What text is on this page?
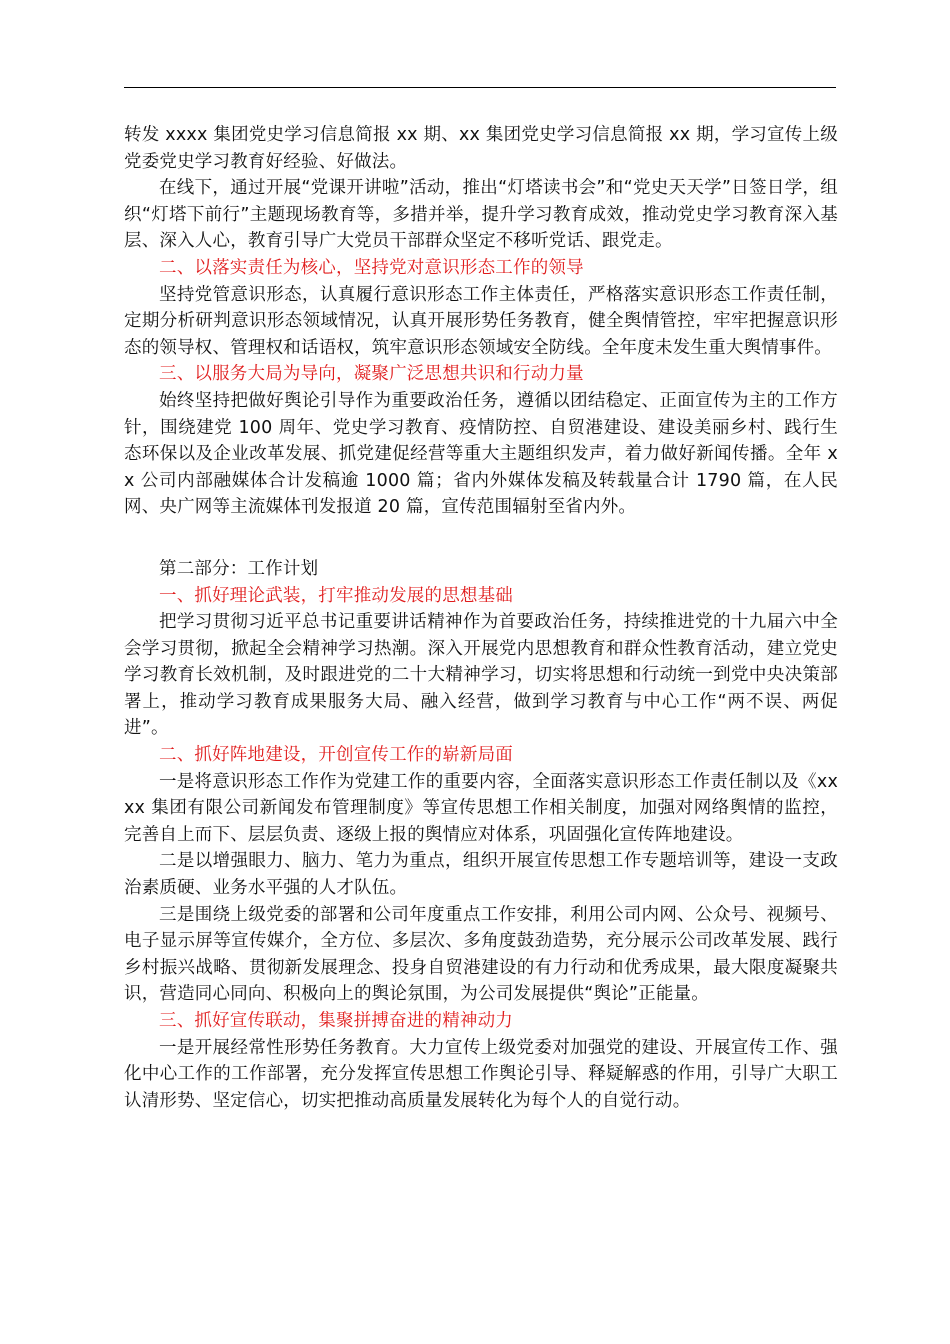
转发 xxxx 集团党史学习信息简报 xx 期、xx 集团党史学习信息简报 xx 期，学习宣传上级党委党史学习教育好经验、好做法。

在线下，通过开展“党课开讲啦”活动，推出“灯塔读书会”和“党史天天学”日签日学，组织“灯塔下前行”主题现场教育等，多措并举，提升学习教育成效，推动党史学习教育深入基层、深入人心，教育引导广大党员干部群众坚定不移听党话、跟党走。

二、以落实责任为核心，坚持党对意识形态工作的领导

坚持党管意识形态，认真履行意识形态工作主体责任，严格落实意识形态工作责任制，定期分析研判意识形态领域情况，认真开展形势任务教育，健全舆情管控，牢牢把握意识形态的领导权、管理权和话语权，筑牢意识形态领域安全防线。全年度未发生重大舆情事件。

三、以服务大局为导向，凝聚广泛思想共识和行动力量

始终坚持把做好舆论引导作为重要政治任务，遵循以团结稳定、正面宣传为主的工作方针，围绕建党 100 周年、党史学习教育、疫情防控、自贸港建设、建设美丽乡村、践行生态环保以及企业改革发展、抓党建促经营等重大主题组织发声，着力做好新闻传播。全年 xx 公司内部融媒体合计发稿逾 1000 篇；省内外媒体发稿及转载量合计 1790 篇，在人民网、央广网等主流媒体刊发报道 20 篇，宣传范围辐射至省内外。

第二部分：工作计划

一、抓好理论武装，打牢推动发展的思想基础

把学习贯彻习近平总书记重要讲话精神作为首要政治任务，持续推进党的十九届六中全会学习贯彻，掀起全会精神学习热潮。深入开展党内思想教育和群众性教育活动，建立党史学习教育长效机制，及时跟进党的二十大精神学习，切实将思想和行动统一到党中央决策部署上，推动学习教育成果服务大局、融入经营，做到学习教育与中心工作“两不误、两促进”。

二、抓好阵地建设，开创宣传工作的崭新局面

一是将意识形态工作作为党建工作的重要内容，全面落实意识形态工作责任制以及《xxxx 集团有限公司新闻发布管理制度》等宣传思想工作相关制度，加强对网络舆情的监控，完善自上而下、层层负责、逐级上报的舆情应对体系，巩固强化宣传阵地建设。

二是以增强眼力、脑力、笔力为重点，组织开展宣传思想工作专题培训等，建设一支政治素质硬、业务水平强的人才队伍。

三是围绕上级党委的部署和公司年度重点工作安排，利用公司内网、公众号、视频号、电子显示屏等宣传媒介，全方位、多层次、多角度鼓劲造势，充分展示公司改革发展、践行乡村振兴战略、贯彻新发展理念、投身自贸港建设的有力行动和优秀成果，最大限度凝聚共识，营造同心同向、积极向上的舆论氛围，为公司发展提供“舆论”正能量。

三、抓好宣传联动，集聚拼搏奋进的精神动力

一是开展经常性形势任务教育。大力宣传上级党委对加强党的建设、开展宣传工作、强化中心工作的工作部署，充分发挥宣传思想工作舆论引导、释疑解惑的作用，引导广大职工认清形势、坚定信心，切实把推动高质量发展转化为每个人的自觉行动。
